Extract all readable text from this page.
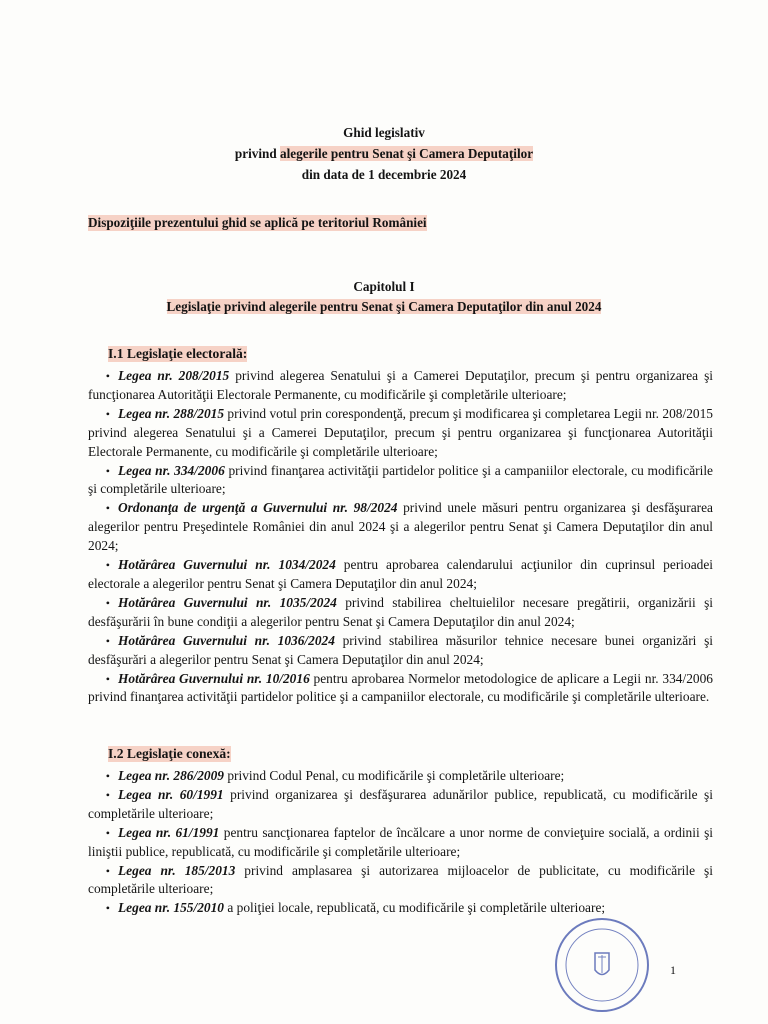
Ghid legislativ
privind alegerile pentru Senat şi Camera Deputaţilor
din data de 1 decembrie 2024
Dispoziţiile prezentului ghid se aplică pe teritoriul României
Capitolul I
Legislaţie privind alegerile pentru Senat şi Camera Deputaţilor din anul 2024
I.1 Legislaţie electorală:

• Legea nr. 208/2015 privind alegerea Senatului şi a Camerei Deputaţilor, precum şi pentru organizarea şi funcţionarea Autorităţii Electorale Permanente, cu modificările şi completările ulterioare;

• Legea nr. 288/2015 privind votul prin corespondenţă, precum şi modificarea şi completarea Legii nr. 208/2015 privind alegerea Senatului şi a Camerei Deputaţilor, precum şi pentru organizarea şi funcţionarea Autorităţii Electorale Permanente, cu modificările şi completările ulterioare;

• Legea nr. 334/2006 privind finanţarea activităţii partidelor politice şi a campaniilor electorale, cu modificările şi completările ulterioare;

• Ordonanţa de urgenţă a Guvernului nr. 98/2024 privind unele măsuri pentru organizarea şi desfăşurarea alegerilor pentru Preşedintele României din anul 2024 şi a alegerilor pentru Senat şi Camera Deputaţilor din anul 2024;

• Hotărârea Guvernului nr. 1034/2024 pentru aprobarea calendarului acţiunilor din cuprinsul perioadei electorale a alegerilor pentru Senat şi Camera Deputaţilor din anul 2024;

• Hotărârea Guvernului nr. 1035/2024 privind stabilirea cheltuielilor necesare pregătirii, organizării şi desfăşurării în bune condiţii a alegerilor pentru Senat şi Camera Deputaţilor din anul 2024;

• Hotărârea Guvernului nr. 1036/2024 privind stabilirea măsurilor tehnice necesare bunei organizări şi desfăşurări a alegerilor pentru Senat şi Camera Deputaţilor din anul 2024;

• Hotărârea Guvernului nr. 10/2016 pentru aprobarea Normelor metodologice de aplicare a Legii nr. 334/2006 privind finanţarea activităţii partidelor politice şi a campaniilor electorale, cu modificările şi completările ulterioare.

I.2 Legislaţie conexă:

• Legea nr. 286/2009 privind Codul Penal, cu modificările şi completările ulterioare;

• Legea nr. 60/1991 privind organizarea şi desfăşurarea adunărilor publice, republicată, cu modificările şi completările ulterioare;

• Legea nr. 61/1991 pentru sancţionarea faptelor de încălcare a unor norme de convieţuire socială, a ordinii şi liniştii publice, republicată, cu modificările şi completările ulterioare;

• Legea nr. 185/2013 privind amplasarea şi autorizarea mijloacelor de publicitate, cu modificările şi completările ulterioare;

• Legea nr. 155/2010 a poliţiei locale, republicată, cu modificările şi completările ulterioare;

1
